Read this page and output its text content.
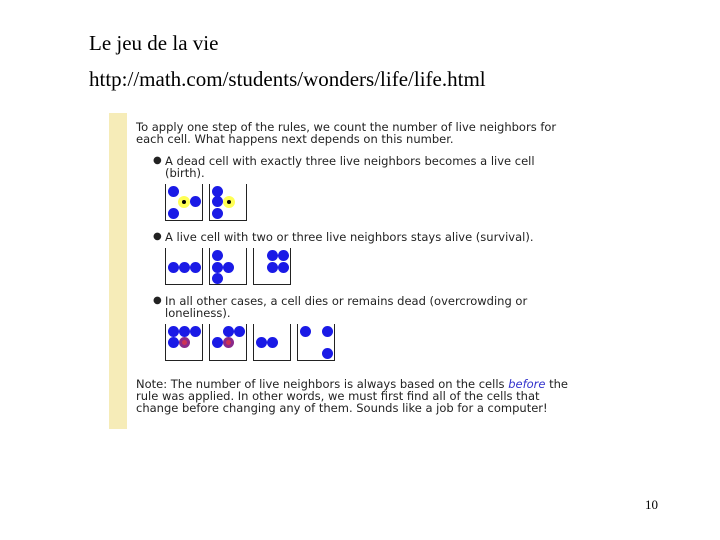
Le jeu de la vie
http://math.com/students/wonders/life/life.html

To apply one step of the rules, we count the number of live neighbors for each cell. What happens next depends on this number.

● A dead cell with exactly three live neighbors becomes a live cell (birth).
● A live cell with two or three live neighbors stays alive (survival).
● In all other cases, a cell dies or remains dead (overcrowding or loneliness).
Note: The number of live neighbors is always based on the cells before the rule was applied. In other words, we must first find all of the cells that change before changing any of them. Sounds like a job for a computer!
10
